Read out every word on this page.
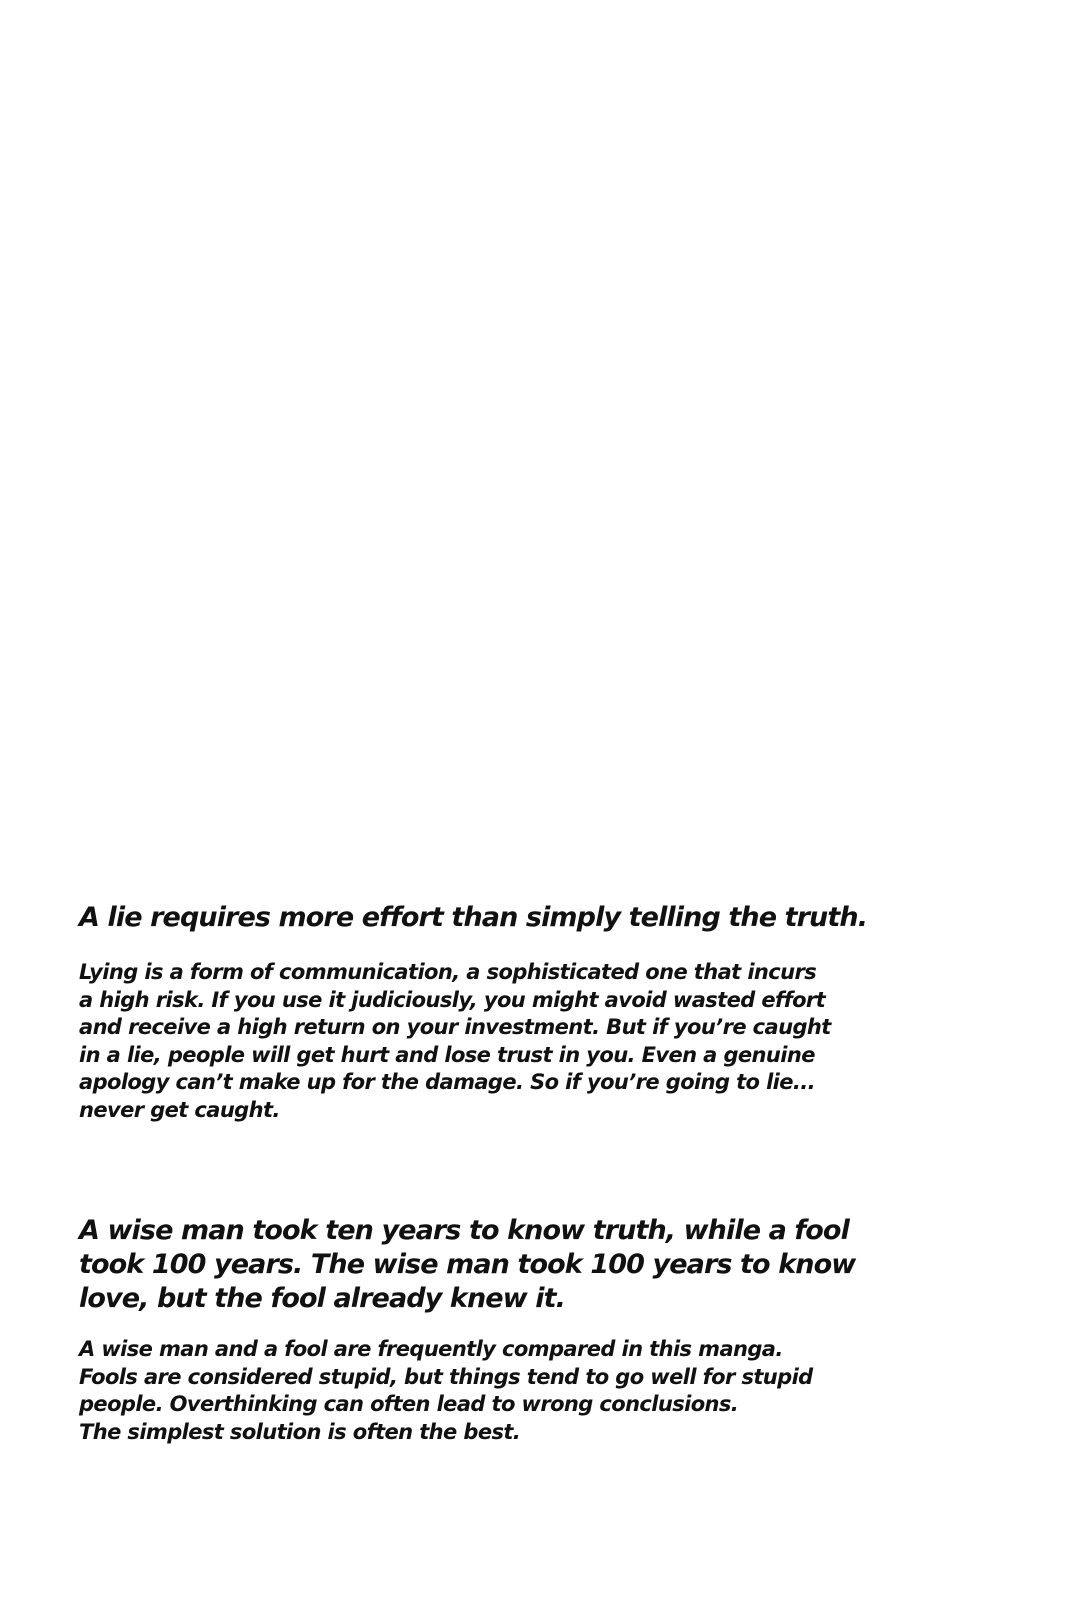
A lie requires more effort than simply telling the truth.
Lying is a form of communication, a sophisticated one that incurs
a high risk. If you use it judiciously, you might avoid wasted effort
and receive a high return on your investment. But if you’re caught
in a lie, people will get hurt and lose trust in you. Even a genuine
apology can’t make up for the damage. So if you’re going to lie...
never get caught.
A wise man took ten years to know truth, while a fool
took 100 years. The wise man took 100 years to know
love, but the fool already knew it.
A wise man and a fool are frequently compared in this manga.
Fools are considered stupid, but things tend to go well for stupid
people. Overthinking can often lead to wrong conclusions.
The simplest solution is often the best.
